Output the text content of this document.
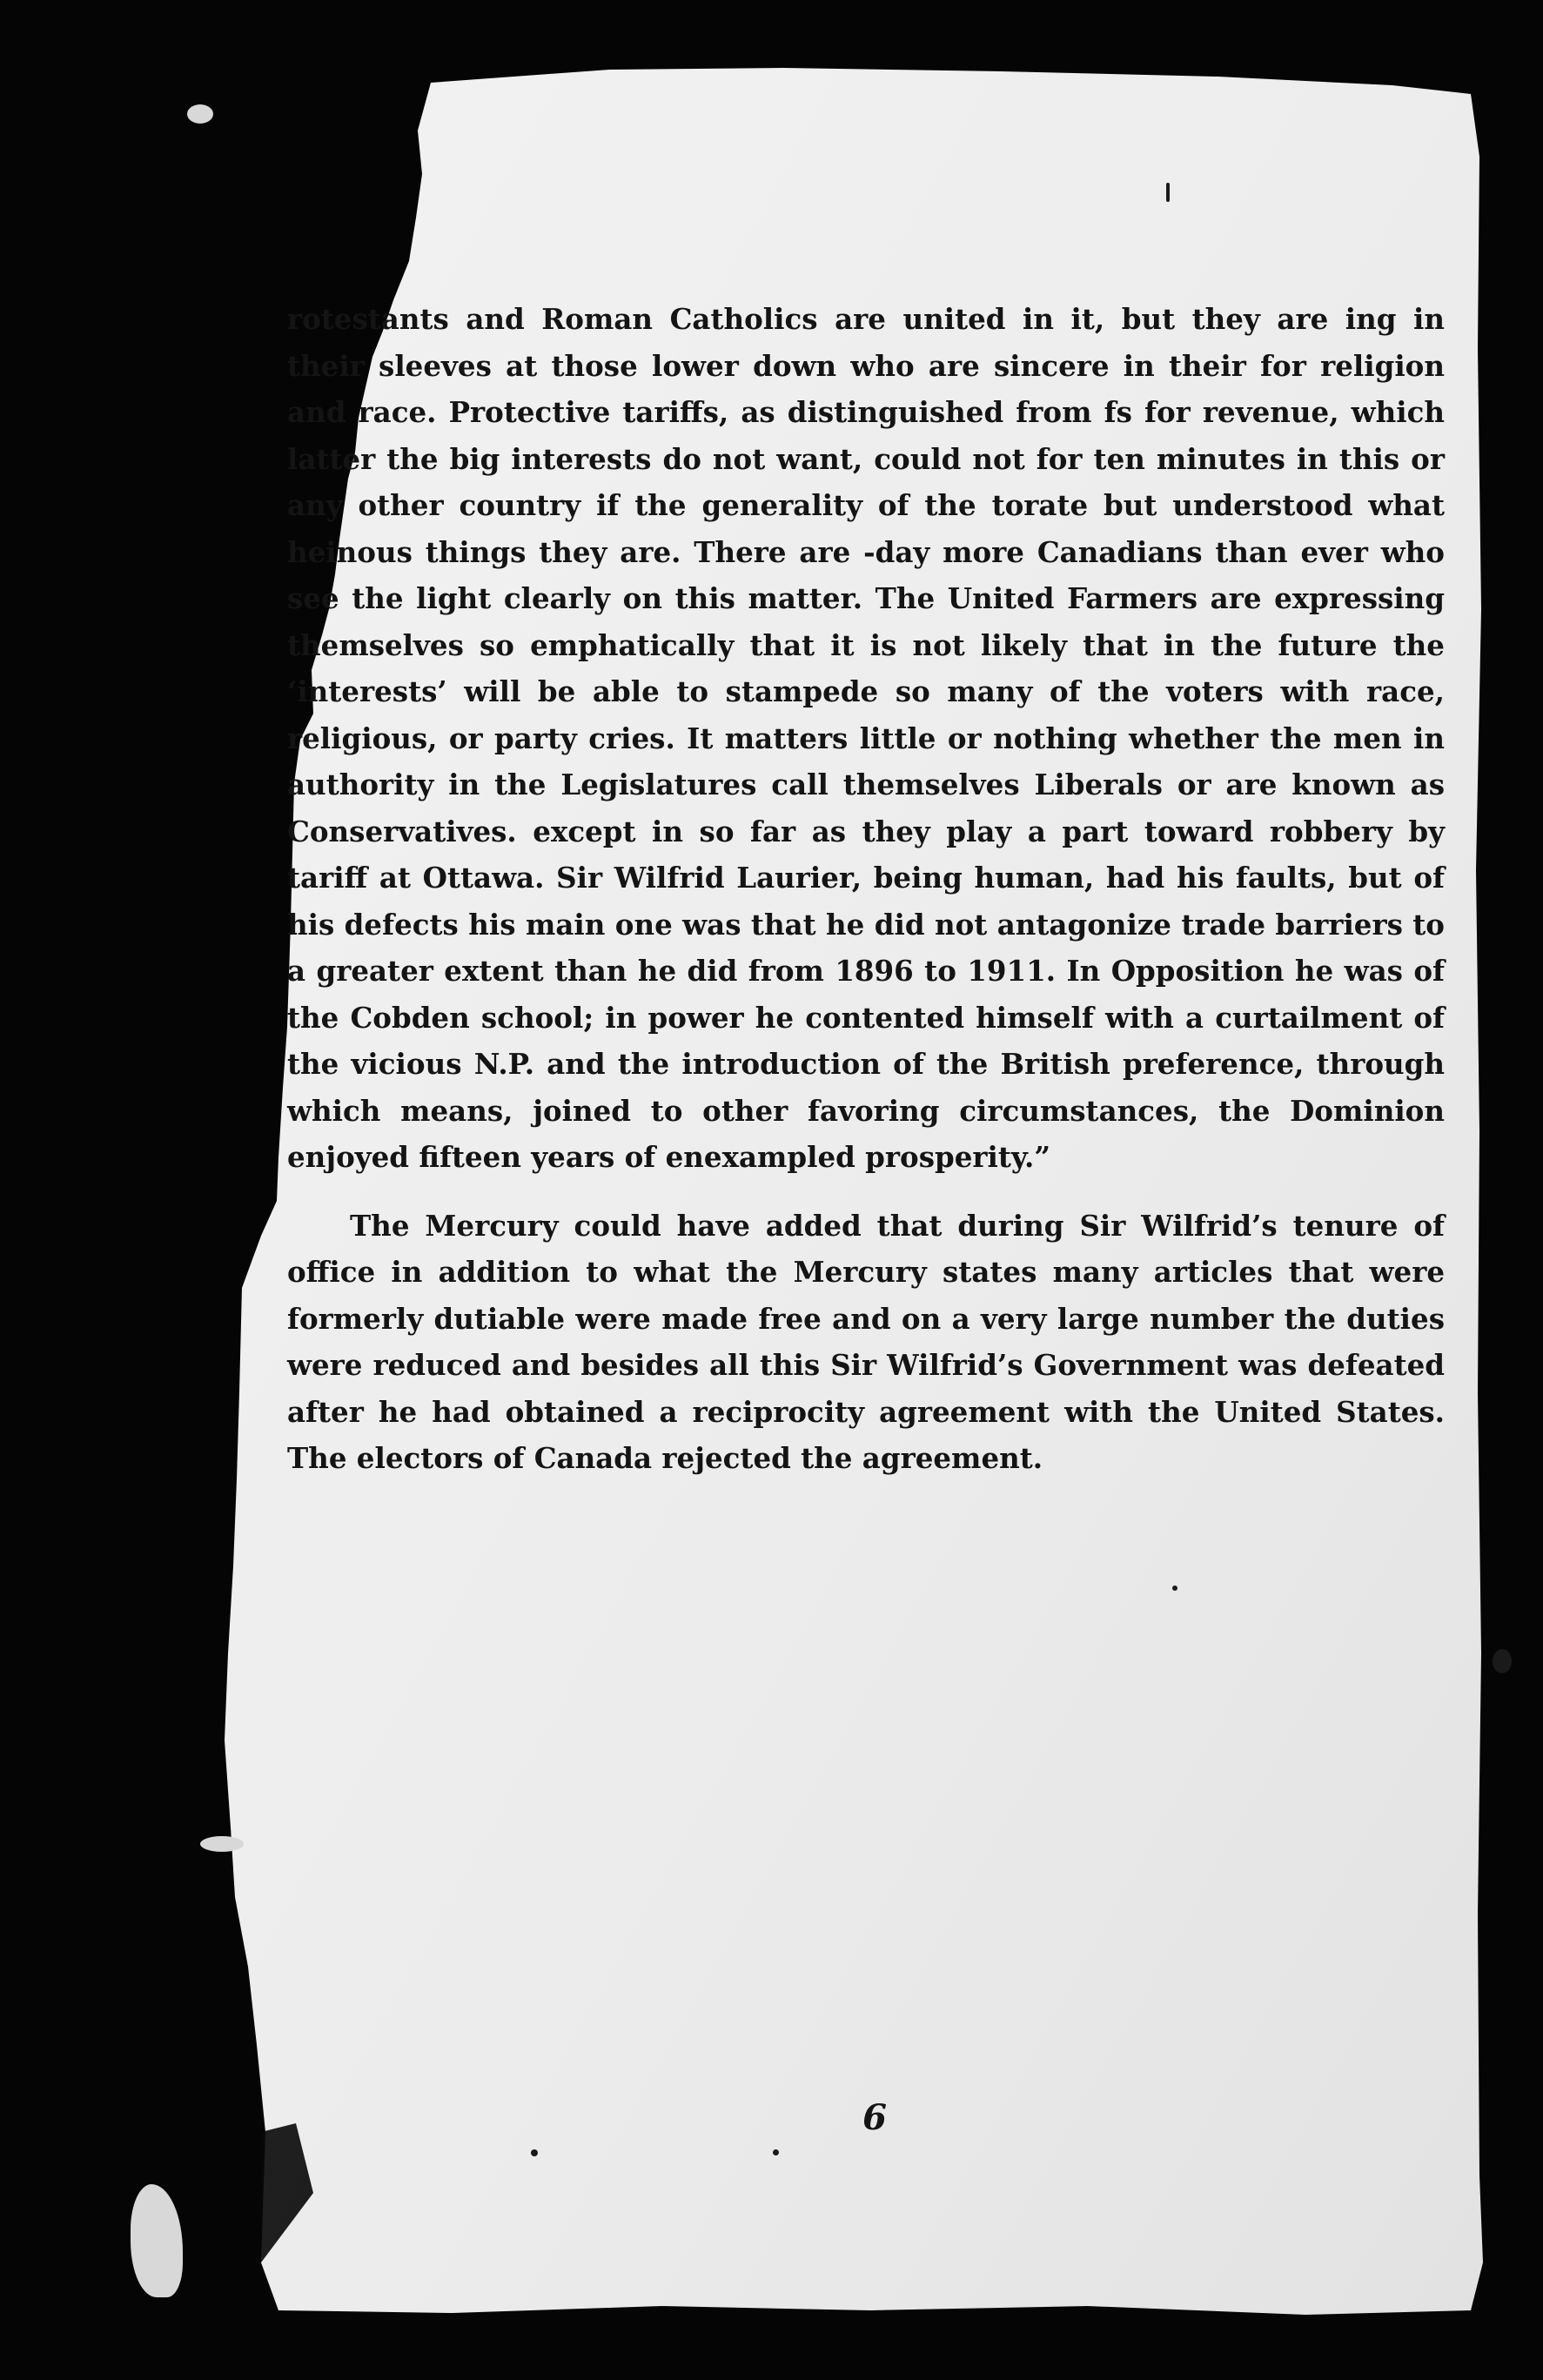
rotestants and Roman Catholics are united in it, but they are ing in their sleeves at those lower down who are sincere in their for religion and race. Protective tariffs, as distinguished from fs for revenue, which latter the big interests do not want, could not for ten minutes in this or any other country if the generality of the torate but understood what heinous things they are. There are -day more Canadians than ever who see the light clearly on this matter. The United Farmers are expressing themselves so emphatically that it is not likely that in the future the ‘interests’ will be able to stampede so many of the voters with race, religious, or party cries. It matters little or nothing whether the men in authority in the Legislatures call themselves Liberals or are known as Conservatives. except in so far as they play a part toward robbery by tariff at Ottawa. Sir Wilfrid Laurier, being human, had his faults, but of his defects his main one was that he did not antagonize trade barriers to a greater extent than he did from 1896 to 1911. In Opposition he was of the Cobden school; in power he contented himself with a curtailment of the vicious N.P. and the introduction of the British preference, through which means, joined to other favoring circumstances, the Dominion enjoyed fifteen years of enexampled prosperity.”

The Mercury could have added that during Sir Wilfrid’s tenure of office in addition to what the Mercury states many articles that were formerly dutiable were made free and on a very large number the duties were reduced and besides all this Sir Wilfrid’s Government was defeated after he had obtained a reciprocity agreement with the United States. The electors of Canada rejected the agreement.

6
